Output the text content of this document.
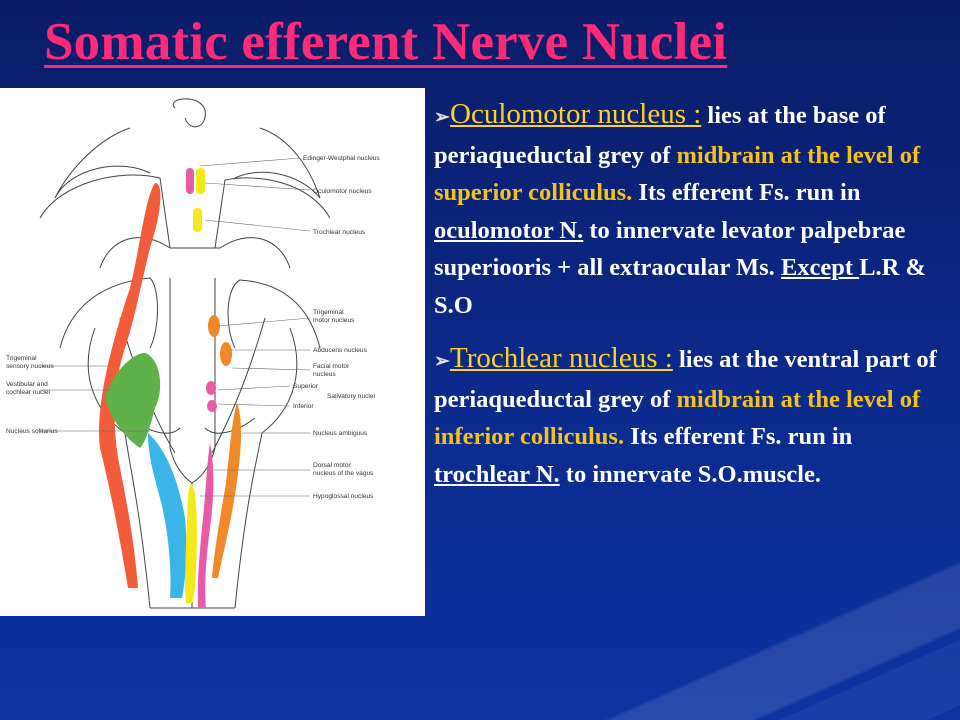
Somatic efferent Nerve Nuclei
Edinger-Westphal nucleus
Oculomotor nucleus
Trochlear nucleus
Trigeminal
motor nucleus
Abducens nucleus
Facial motor
nucleus
Superior
Inferior
Salivatory nuclei
Nucleus ambiguus
Dorsal motor
nucleus of the vagus
Hypoglossal nucleus
Trigeminal
sensory nucleus
Vestibular and
cochlear nuclei
Nucleus solitarius

➢Oculomotor nucleus : lies at the base of periaqueductal grey of midbrain at the level of superior colliculus. Its efferent Fs. run in oculomotor N. to innervate levator palpebrae superiooris + all extraocular Ms. Except L.R & S.O

➢Trochlear nucleus : lies at the ventral part of periaqueductal grey of midbrain at the level of inferior colliculus. Its efferent Fs. run in trochlear N. to innervate S.O.muscle.
